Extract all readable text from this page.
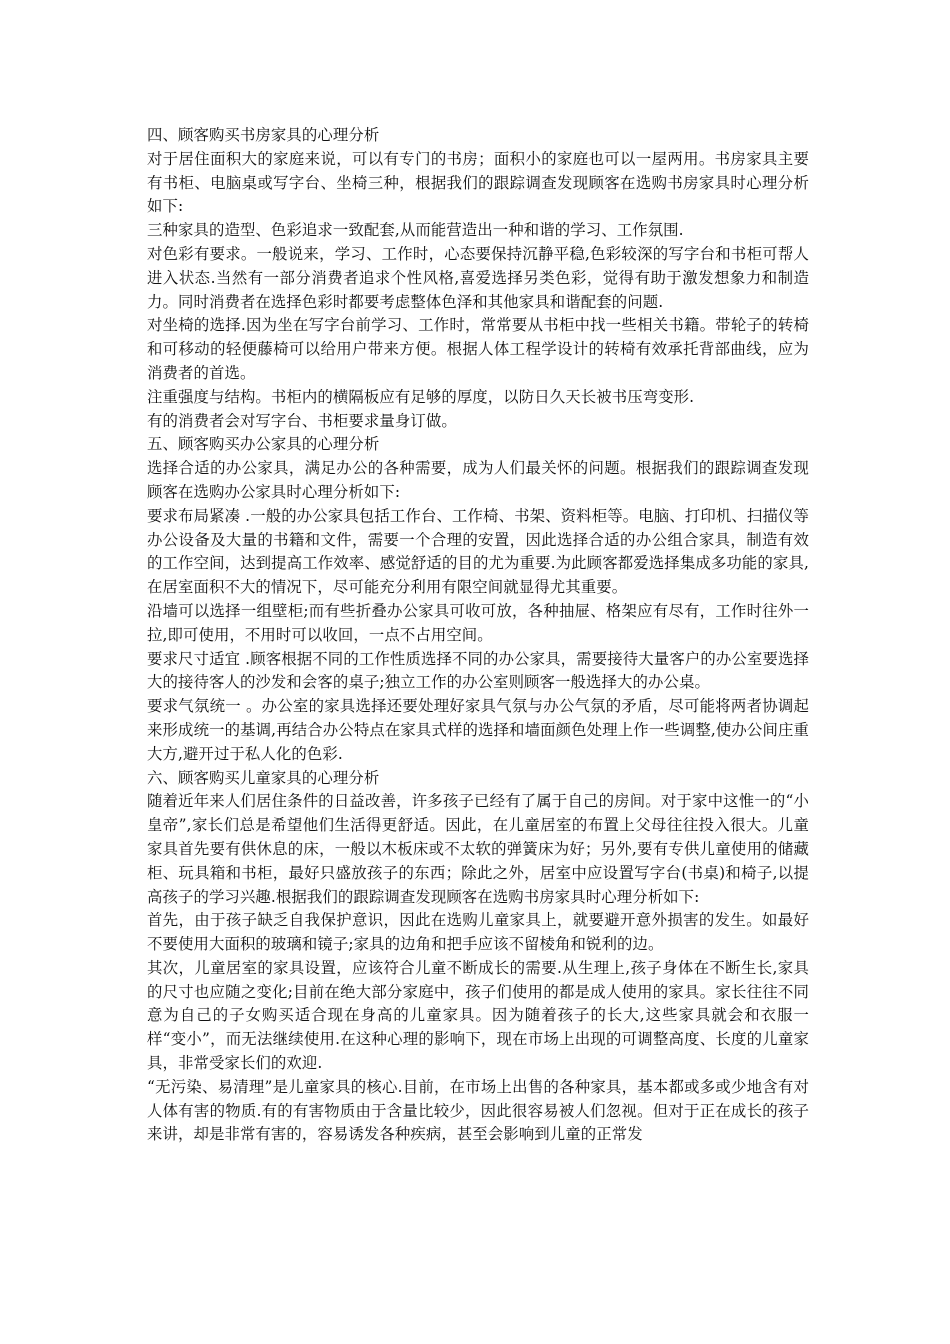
四、顾客购买书房家具的心理分析

对于居住面积大的家庭来说，可以有专门的书房；面积小的家庭也可以一屋两用。书房家具主要有书柜、电脑桌或写字台、坐椅三种，根据我们的跟踪调查发现顾客在选购书房家具时心理分析如下:

三种家具的造型、色彩追求一致配套,从而能营造出一种和谐的学习、工作氛围.

对色彩有要求。一般说来，学习、工作时，心态要保持沉静平稳,色彩较深的写字台和书柜可帮人进入状态.当然有一部分消费者追求个性风格,喜爱选择另类色彩，觉得有助于激发想象力和制造力。同时消费者在选择色彩时都要考虑整体色泽和其他家具和谐配套的问题.

对坐椅的选择.因为坐在写字台前学习、工作时，常常要从书柜中找一些相关书籍。带轮子的转椅和可移动的轻便藤椅可以给用户带来方便。根据人体工程学设计的转椅有效承托背部曲线，应为消费者的首选。

注重强度与结构。书柜内的横隔板应有足够的厚度，以防日久天长被书压弯变形.

有的消费者会对写字台、书柜要求量身订做。

五、顾客购买办公家具的心理分析

选择合适的办公家具，满足办公的各种需要，成为人们最关怀的问题。根据我们的跟踪调查发现顾客在选购办公家具时心理分析如下:

要求布局紧凑 .一般的办公家具包括工作台、工作椅、书架、资料柜等。电脑、打印机、扫描仪等办公设备及大量的书籍和文件，需要一个合理的安置，因此选择合适的办公组合家具，制造有效的工作空间，达到提高工作效率、感觉舒适的目的尤为重要.为此顾客都爱选择集成多功能的家具,在居室面积不大的情况下，尽可能充分利用有限空间就显得尤其重要。

沿墙可以选择一组壁柜;而有些折叠办公家具可收可放，各种抽屉、格架应有尽有，工作时往外一拉,即可使用，不用时可以收回，一点不占用空间。

要求尺寸适宜 .顾客根据不同的工作性质选择不同的办公家具，需要接待大量客户的办公室要选择大的接待客人的沙发和会客的桌子;独立工作的办公室则顾客一般选择大的办公桌。

要求气氛统一 。办公室的家具选择还要处理好家具气氛与办公气氛的矛盾，尽可能将两者协调起来形成统一的基调,再结合办公特点在家具式样的选择和墙面颜色处理上作一些调整,使办公间庄重大方,避开过于私人化的色彩.

六、顾客购买儿童家具的心理分析

随着近年来人们居住条件的日益改善，许多孩子已经有了属于自己的房间。对于家中这惟一的“小皇帝”,家长们总是希望他们生活得更舒适。因此，在儿童居室的布置上父母往往投入很大。儿童家具首先要有供休息的床，一般以木板床或不太软的弹簧床为好；另外,要有专供儿童使用的储藏柜、玩具箱和书柜，最好只盛放孩子的东西；除此之外，居室中应设置写字台(书桌)和椅子,以提高孩子的学习兴趣.根据我们的跟踪调查发现顾客在选购书房家具时心理分析如下:

首先，由于孩子缺乏自我保护意识，因此在选购儿童家具上，就要避开意外损害的发生。如最好不要使用大面积的玻璃和镜子;家具的边角和把手应该不留棱角和锐利的边。

其次，儿童居室的家具设置，应该符合儿童不断成长的需要.从生理上,孩子身体在不断生长,家具的尺寸也应随之变化;目前在绝大部分家庭中，孩子们使用的都是成人使用的家具。家长往往不同意为自己的子女购买适合现在身高的儿童家具。因为随着孩子的长大,这些家具就会和衣服一样“变小”，而无法继续使用.在这种心理的影响下，现在市场上出现的可调整高度、长度的儿童家具，非常受家长们的欢迎.

“无污染、易清理”是儿童家具的核心.目前，在市场上出售的各种家具，基本都或多或少地含有对人体有害的物质.有的有害物质由于含量比较少，因此很容易被人们忽视。但对于正在成长的孩子来讲，却是非常有害的，容易诱发各种疾病，甚至会影响到儿童的正常发
